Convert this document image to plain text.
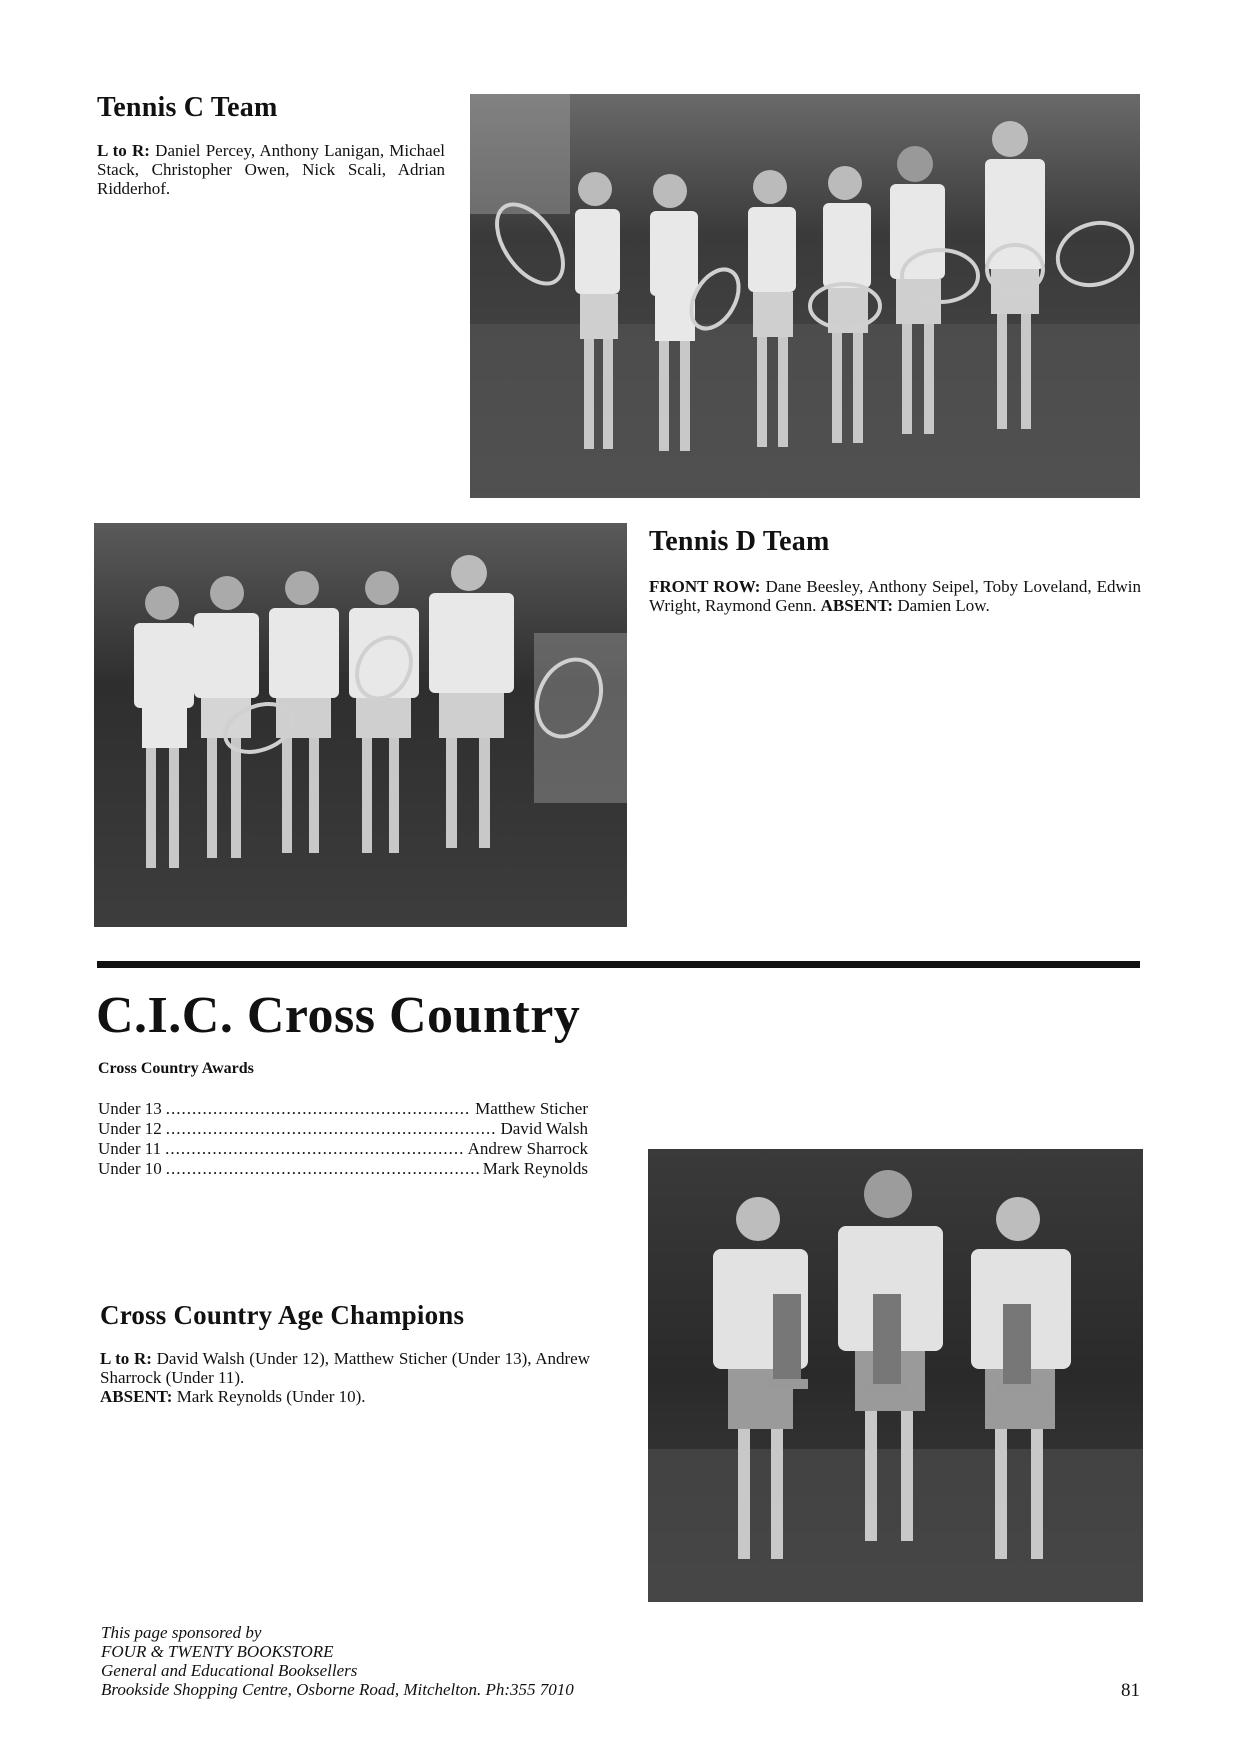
Tennis C Team

L to R: Daniel Percey, Anthony Lanigan, Michael Stack, Christopher Owen, Nick Scali, Adrian Ridderhof.

Tennis D Team

FRONT ROW: Dane Beesley, Anthony Seipel, Toby Loveland, Edwin Wright, Raymond Genn. ABSENT: Damien Low.

C.I.C. Cross Country
Cross Country Awards
Under 13 .....	Matthew Sticher
Under 12 .....	David Walsh
Under 11 .....	Andrew Sharrock
Under 10 .....	Mark Reynolds
Cross Country Age Champions

L to R: David Walsh (Under 12), Matthew Sticher (Under 13), Andrew Sharrock (Under 11).
ABSENT: Mark Reynolds (Under 10).

This page sponsored by
FOUR & TWENTY BOOKSTORE
General and Educational Booksellers
Brookside Shopping Centre, Osborne Road, Mitchelton. Ph:355 7010	81
